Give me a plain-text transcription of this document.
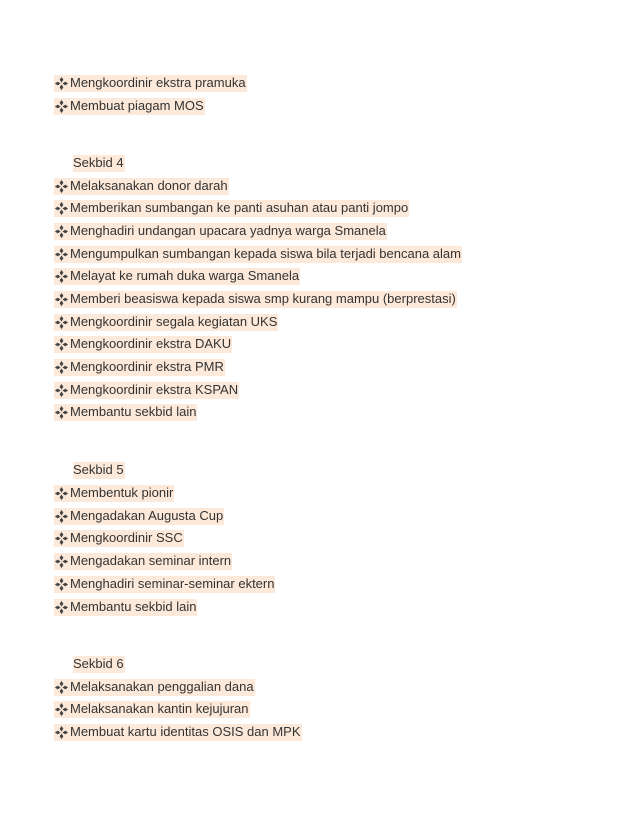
Mengkoordinir ekstra pramuka
Membuat piagam MOS
Sekbid 4
Melaksanakan donor darah
Memberikan sumbangan ke panti asuhan atau panti jompo
Menghadiri undangan upacara yadnya warga Smanela
Mengumpulkan sumbangan kepada siswa bila terjadi bencana alam
Melayat ke rumah duka warga Smanela
Memberi beasiswa kepada siswa smp kurang mampu (berprestasi)
Mengkoordinir segala kegiatan UKS
Mengkoordinir ekstra DAKU
Mengkoordinir ekstra PMR
Mengkoordinir ekstra KSPAN
Membantu sekbid lain
Sekbid 5
Membentuk pionir
Mengadakan Augusta Cup
Mengkoordinir SSC
Mengadakan seminar intern
Menghadiri seminar-seminar ektern
Membantu sekbid lain
Sekbid 6
Melaksanakan penggalian dana
Melaksanakan kantin kejujuran
Membuat kartu identitas OSIS dan MPK
